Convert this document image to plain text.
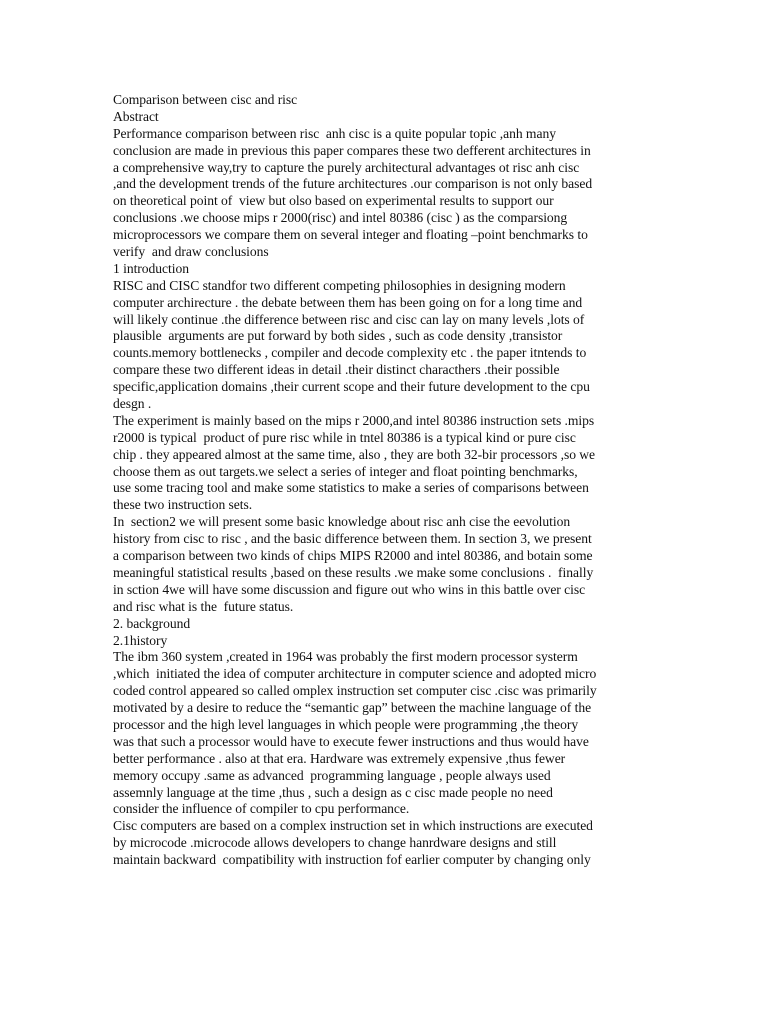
Comparison between cisc and risc
Abstract
Performance comparison between risc  anh cisc is a quite popular topic ,anh many
conclusion are made in previous this paper compares these two defferent architectures in
a comprehensive way,try to capture the purely architectural advantages ot risc anh cisc
,and the development trends of the future architectures .our comparison is not only based
on theoretical point of  view but olso based on experimental results to support our
conclusions .we choose mips r 2000(risc) and intel 80386 (cisc ) as the comparsiong
microprocessors we compare them on several integer and floating –point benchmarks to
verify  and draw conclusions
1 introduction
RISC and CISC standfor two different competing philosophies in designing modern
computer archirecture . the debate between them has been going on for a long time and
will likely continue .the difference between risc and cisc can lay on many levels ,lots of
plausible  arguments are put forward by both sides , such as code density ,transistor
counts.memory bottlenecks , compiler and decode complexity etc . the paper itntends to
compare these two different ideas in detail .their distinct characthers .their possible
specific,application domains ,their current scope and their future development to the cpu
desgn .
The experiment is mainly based on the mips r 2000,and intel 80386 instruction sets .mips
r2000 is typical  product of pure risc while in tntel 80386 is a typical kind or pure cisc
chip . they appeared almost at the same time, also , they are both 32-bir processors ,so we
choose them as out targets.we select a series of integer and float pointing benchmarks,
use some tracing tool and make some statistics to make a series of comparisons between
these two instruction sets.
In  section2 we will present some basic knowledge about risc anh cise the eevolution
history from cisc to risc , and the basic difference between them. In section 3, we present
a comparison between two kinds of chips MIPS R2000 and intel 80386, and botain some
meaningful statistical results ,based on these results .we make some conclusions .  finally
in sction 4we will have some discussion and figure out who wins in this battle over cisc
and risc what is the  future status.
2. background
2.1history
The ibm 360 system ,created in 1964 was probably the first modern processor systerm
,which  initiated the idea of computer architecture in computer science and adopted micro
coded control appeared so called omplex instruction set computer cisc .cisc was primarily
motivated by a desire to reduce the “semantic gap” between the machine language of the
processor and the high level languages in which people were programming ,the theory
was that such a processor would have to execute fewer instructions and thus would have
better performance . also at that era. Hardware was extremely expensive ,thus fewer
memory occupy .same as advanced  programming language , people always used
assemnly language at the time ,thus , such a design as c cisc made people no need
consider the influence of compiler to cpu performance.
Cisc computers are based on a complex instruction set in which instructions are executed
by microcode .microcode allows developers to change hanrdware designs and still
maintain backward  compatibility with instruction fof earlier computer by changing only
